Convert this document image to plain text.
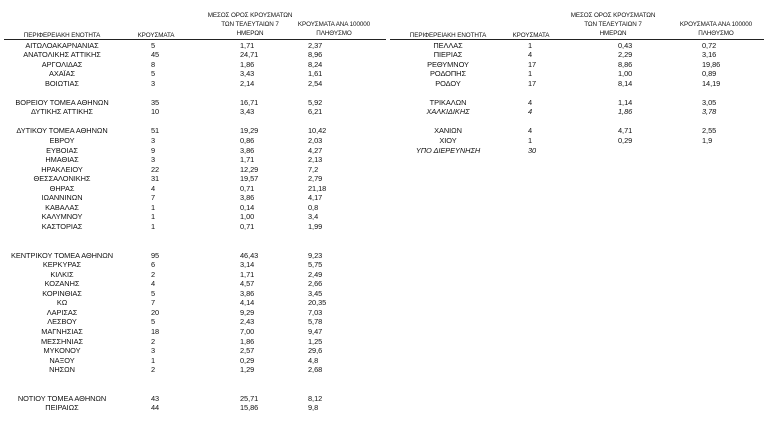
ΠΕΡΙΦΕΡΕΙΑΚΗ ΕΝΟΤΗΤΑ	ΚΡΟΥΣΜΑΤΑ
ΜΕΣΟΣ ΟΡΟΣ ΚΡΟΥΣΜΑΤΩΝ
ΤΩΝ ΤΕΛΕΥΤΑΙΩΝ 7
ΗΜΕΡΩΝ
ΚΡΟΥΣΜΑΤΑ ΑΝΑ 100000
ΠΛΗΘΥΣΜΟ	ΠΕΡΙΦΕΡΕΙΑΚΗ ΕΝΟΤΗΤΑ	ΚΡΟΥΣΜΑΤΑ
ΜΕΣΟΣ ΟΡΟΣ ΚΡΟΥΣΜΑΤΩΝ
ΤΩΝ ΤΕΛΕΥΤΑΙΩΝ 7
ΗΜΕΡΩΝ
ΚΡΟΥΣΜΑΤΑ ΑΝΑ 100000
ΠΛΗΘΥΣΜΟ
ΑΙΤΩΛΟΑΚΑΡΝΑΝΙΑΣ	5	1,71	2,37
ΑΝΑΤΟΛΙΚΗΣ ΑΤΤΙΚΗΣ	45	24,71	8,96
ΑΡΓΟΛΙΔΑΣ	8	1,86	8,24
ΑΧΑΪΑΣ	5	3,43	1,61
ΒΟΙΩΤΙΑΣ	3	2,14	2,54
ΒΟΡΕΙΟΥ ΤΟΜΕΑ ΑΘΗΝΩΝ	35	16,71	5,92
ΔΥΤΙΚΗΣ ΑΤΤΙΚΗΣ	10	3,43	6,21
ΔΥΤΙΚΟΥ ΤΟΜΕΑ ΑΘΗΝΩΝ	51	19,29	10,42
ΕΒΡΟΥ	3	0,86	2,03
ΕΥΒΟΙΑΣ	9	3,86	4,27
ΗΜΑΘΙΑΣ	3	1,71	2,13
ΗΡΑΚΛΕΙΟΥ	22	12,29	7,2
ΘΕΣΣΑΛΟΝΙΚΗΣ	31	19,57	2,79
ΘΗΡΑΣ	4	0,71	21,18
ΙΩΑΝΝΙΝΩΝ	7	3,86	4,17
ΚΑΒΑΛΑΣ	1	0,14	0,8
ΚΑΛΥΜΝΟΥ	1	1,00	3,4
ΚΑΣΤΟΡΙΑΣ	1	0,71	1,99
ΚΕΝΤΡΙΚΟΥ ΤΟΜΕΑ ΑΘΗΝΩΝ	95	46,43	9,23
ΚΕΡΚΥΡΑΣ	6	3,14	5,75
ΚΙΛΚΙΣ	2	1,71	2,49
ΚΟΖΑΝΗΣ	4	4,57	2,66
ΚΟΡΙΝΘΙΑΣ	5	3,86	3,45
ΚΩ	7	4,14	20,35
ΛΑΡΙΣΑΣ	20	9,29	7,03
ΛΕΣΒΟΥ	5	2,43	5,78
ΜΑΓΝΗΣΙΑΣ	18	7,00	9,47
ΜΕΣΣΗΝΙΑΣ	2	1,86	1,25
ΜΥΚΟΝΟΥ	3	2,57	29,6
ΝΑΞΟΥ	1	0,29	4,8
ΝΗΣΩΝ	2	1,29	2,68
ΝΟΤΙΟΥ ΤΟΜΕΑ ΑΘΗΝΩΝ	43	25,71	8,12
ΠΕΙΡΑΙΩΣ	44	15,86	9,8
ΠΕΛΛΑΣ	1	0,43	0,72
ΠΙΕΡΙΑΣ	4	2,29	3,16
ΡΕΘΥΜΝΟΥ	17	8,86	19,86
ΡΟΔΟΠΗΣ	1	1,00	0,89
ΡΟΔΟΥ	17	8,14	14,19
ΤΡΙΚΑΛΩΝ	4	1,14	3,05
ΧΑΛΚΙΔΙΚΗΣ	4	1,86	3,78
ΧΑΝΙΩΝ	4	4,71	2,55
ΧΙΟΥ	1	0,29	1,9
ΥΠΟ ΔΙΕΡΕΥΝΗΣΗ	30
